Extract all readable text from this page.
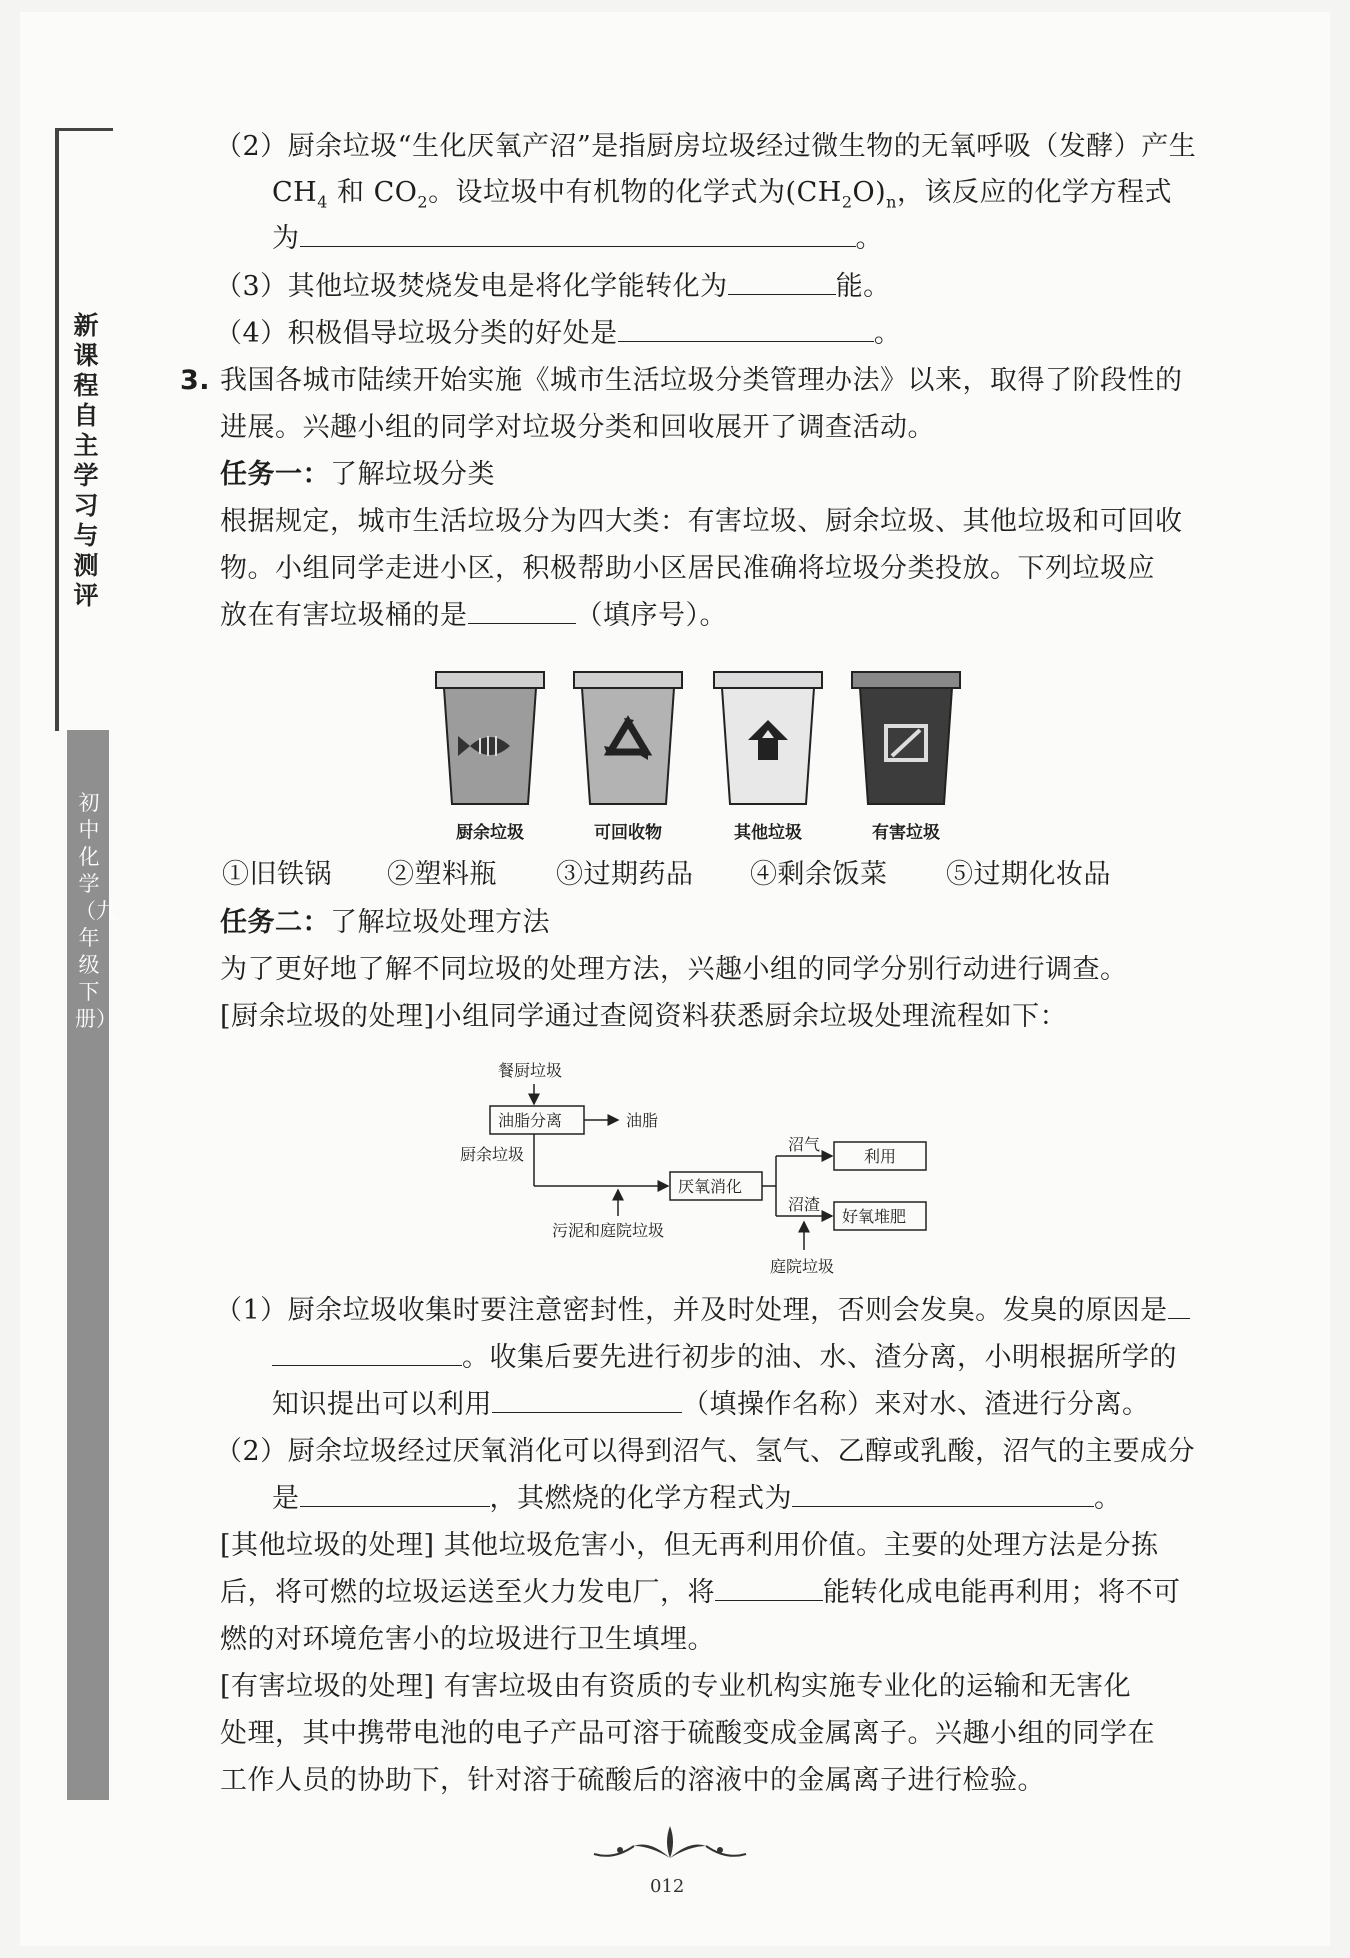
新课程自主学习与测评
初中化学（九年级下册）
（2）厨余垃圾“生化厌氧产沼”是指厨房垃圾经过微生物的无氧呼吸（发酵）产生
$CH_4$ 和 $CO_2$。设垃圾中有机物的化学式为$(CH_2O)_n$，该反应的化学方程式
为	。
（3）其他垃圾焚烧发电是将化学能转化为	能。
（4）积极倡导垃圾分类的好处是	。
3. 我国各城市陆续开始实施《城市生活垃圾分类管理办法》以来，取得了阶段性的
进展。兴趣小组的同学对垃圾分类和回收展开了调查活动。
任务一：了解垃圾分类
根据规定，城市生活垃圾分为四大类：有害垃圾、厨余垃圾、其他垃圾和可回收
物。小组同学走进小区，积极帮助小区居民准确将垃圾分类投放。下列垃圾应
放在有害垃圾桶的是	（填序号）。
厨余垃圾	可回收物	其他垃圾	有害垃圾
①旧铁锅 ②塑料瓶 ③过期药品 ④剩余饭菜 ⑤过期化妆品
任务二：了解垃圾处理方法
为了更好地了解不同垃圾的处理方法，兴趣小组的同学分别行动进行调查。
[厨余垃圾的处理]小组同学通过查阅资料获悉厨余垃圾处理流程如下：
餐厨垃圾
油脂分离	油脂
厨余垃圾
污泥和庭院垃圾
厌氧消化
沼气
沼渣
利用
好氧堆肥
庭院垃圾
（1）厨余垃圾收集时要注意密封性，并及时处理，否则会发臭。发臭的原因是
。收集后要先进行初步的油、水、渣分离，小明根据所学的
知识提出可以利用	（填操作名称）来对水、渣进行分离。
（2）厨余垃圾经过厌氧消化可以得到沼气、氢气、乙醇或乳酸，沼气的主要成分
是	，其燃烧的化学方程式为	。
[其他垃圾的处理] 其他垃圾危害小，但无再利用价值。主要的处理方法是分拣
后，将可燃的垃圾运送至火力发电厂，将	能转化成电能再利用；将不可
燃的对环境危害小的垃圾进行卫生填埋。
[有害垃圾的处理] 有害垃圾由有资质的专业机构实施专业化的运输和无害化
处理，其中携带电池的电子产品可溶于硫酸变成金属离子。兴趣小组的同学在
工作人员的协助下，针对溶于硫酸后的溶液中的金属离子进行检验。
012
